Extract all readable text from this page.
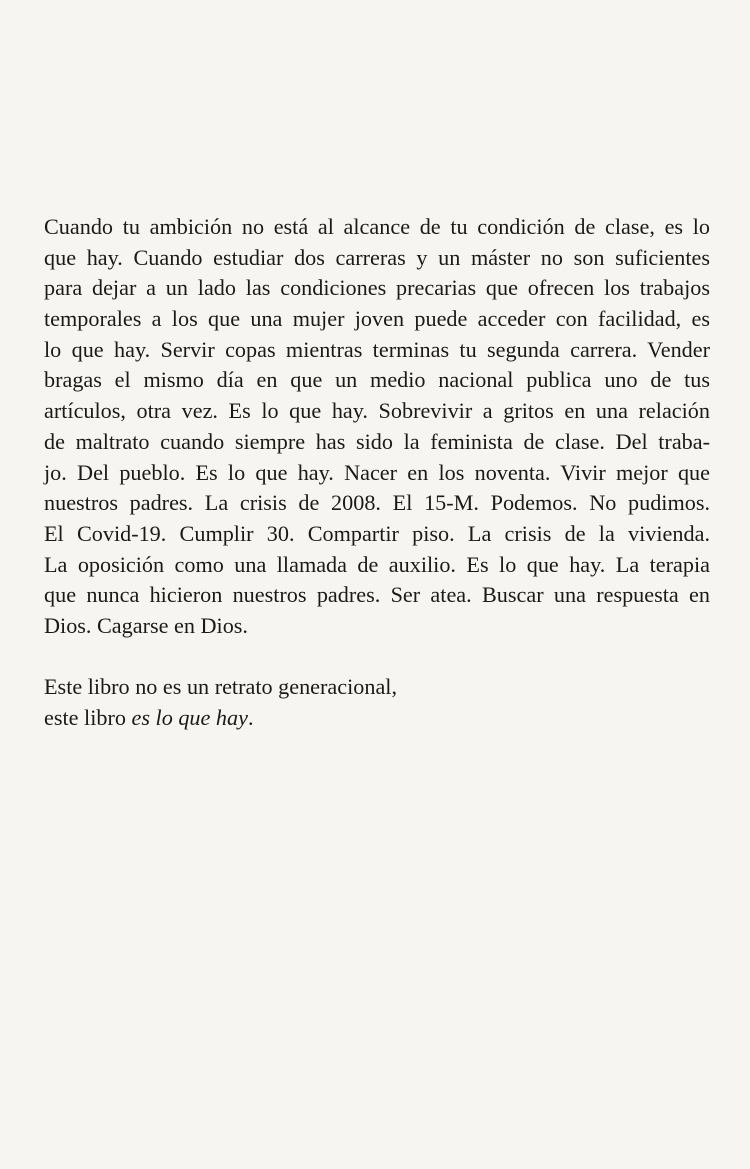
Cuando tu ambición no está al alcance de tu condición de clase, es lo
que hay. Cuando estudiar dos carreras y un máster no son suficientes
para dejar a un lado las condiciones precarias que ofrecen los trabajos
temporales a los que una mujer joven puede acceder con facilidad, es
lo que hay. Servir copas mientras terminas tu segunda carrera. Vender
bragas el mismo día en que un medio nacional publica uno de tus
artículos, otra vez. Es lo que hay. Sobrevivir a gritos en una relación
de maltrato cuando siempre has sido la feminista de clase. Del traba-
jo. Del pueblo. Es lo que hay. Nacer en los noventa. Vivir mejor que
nuestros padres. La crisis de 2008. El 15-M. Podemos. No pudimos.
El Covid-19. Cumplir 30. Compartir piso. La crisis de la vivienda.
La oposición como una llamada de auxilio. Es lo que hay. La terapia
que nunca hicieron nuestros padres. Ser atea. Buscar una respuesta en
Dios. Cagarse en Dios.
Este libro no es un retrato generacional,
este libro es lo que hay.
